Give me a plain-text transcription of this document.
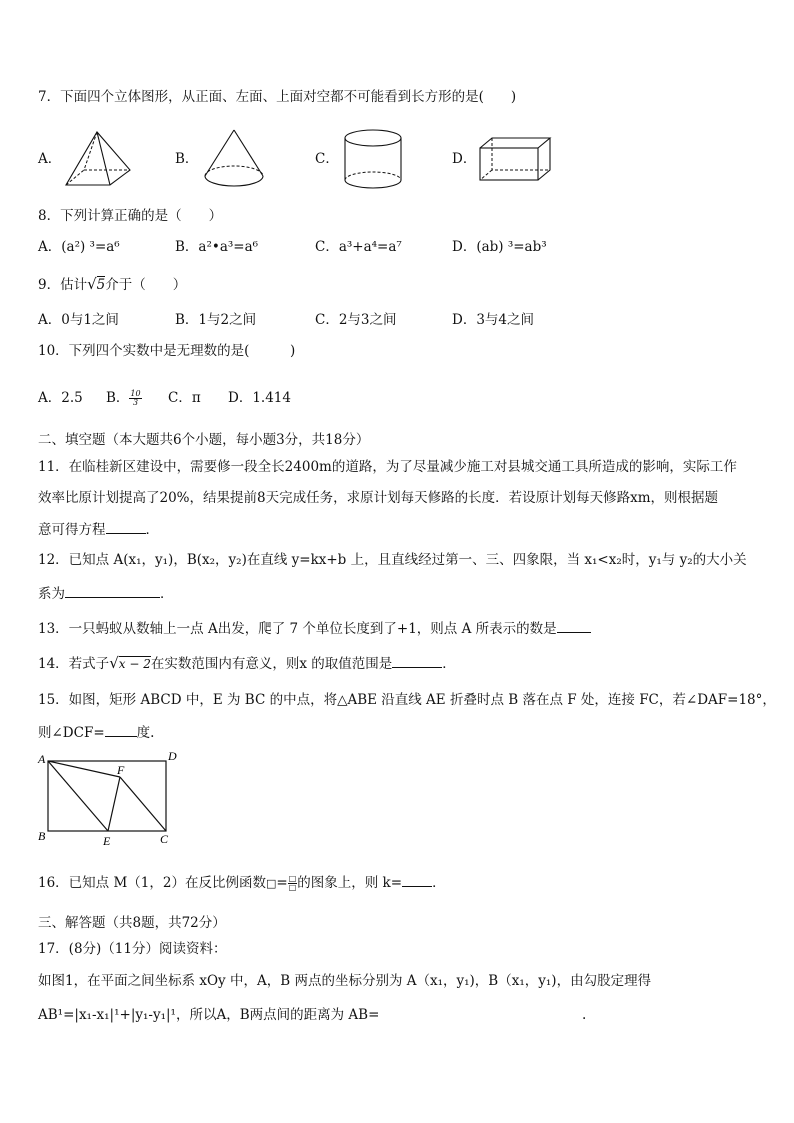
7．下面四个立体图形，从正面、左面、上面对空都不可能看到长方形的是(　　)
A．	B．	C．	D．
8．下列计算正确的是（　　）
A．(a²) ³=a⁶	B．a²•a³=a⁶	C．a³+a⁴=a⁷	D．(ab) ³=ab³
9．估计√5介于（　　）
A．0与1之间	B．1与2之间	C．2与3之间	D．3与4之间
10．下列四个实数中是无理数的是(　　　)
A．2.5 B． $\frac{10}{3}$ C．π D．1.414
二、填空题（本大题共6个小题，每小题3分，共18分）
11．在临桂新区建设中，需要修一段全长2400m的道路，为了尽量减少施工对县城交通工具所造成的影响，实际工作
效率比原计划提高了20%，结果提前8天完成任务，求原计划每天修路的长度．若设原计划每天修路xm，则根据题
意可得方程	．
12．已知点 A(x₁，y₁)，B(x₂，y₂)在直线 y=kx+b 上，且直线经过第一、三、四象限，当 x₁<x₂时，y₁与 y₂的大小关
系为	．
13．一只蚂蚁从数轴上一点 A出发，爬了 7 个单位长度到了+1，则点 A 所表示的数是
14．若式子√x − 2在实数范围内有意义，则x 的取值范围是	．
15．如图，矩形 ABCD 中，E 为 BC 的中点，将△ABE 沿直线 AE 折叠时点 B 落在点 F 处，连接 FC，若∠DAF=18°，
则∠DCF= 度.
A	D
F
B	E	C
16．已知点 M（1，2）在反比例函数□= $\frac{□}{□}$ 的图象上，则 k= ．
三、解答题（共8题，共72分）
17．(8分)（11分）阅读资料：
如图1，在平面之间坐标系 xOy 中，A，B 两点的坐标分别为 A（x₁，y₁)，B（x₁，y₁)，由勾股定理得
AB¹=|x₁-x₁|¹+|y₁-y₁|¹，所以A，B两点间的距离为 AB=	.
